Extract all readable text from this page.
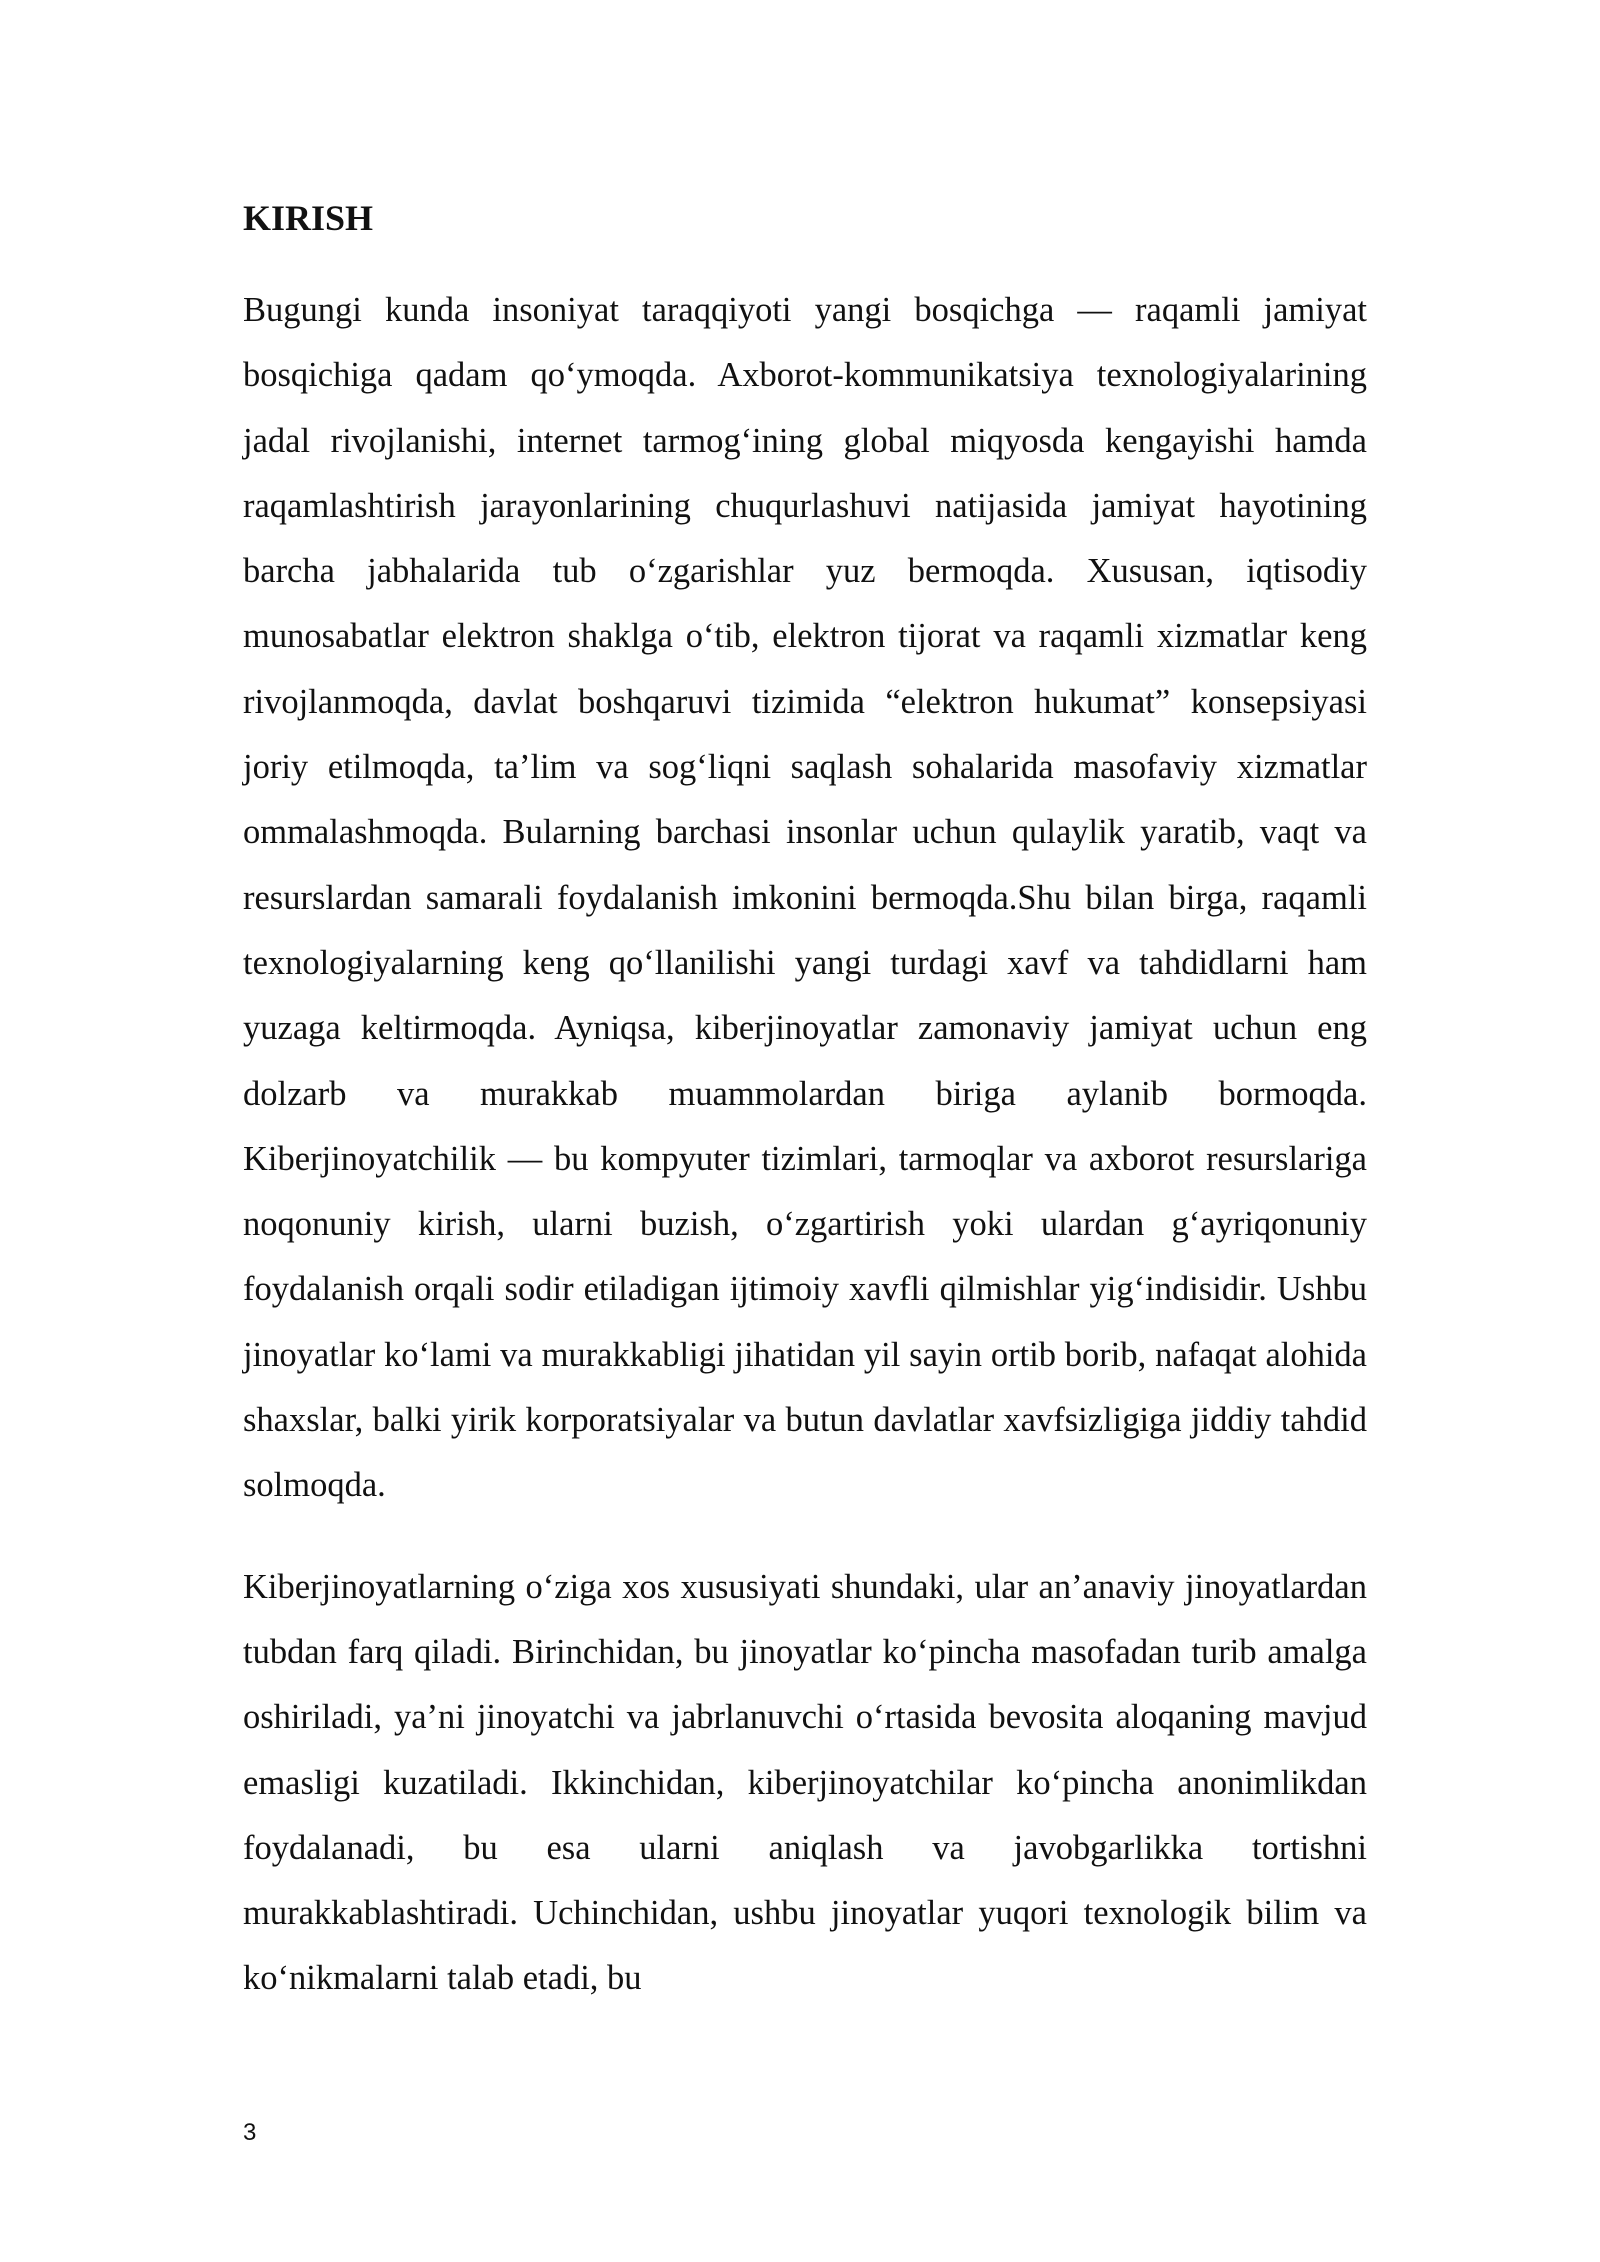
KIRISH

Bugungi kunda insoniyat taraqqiyoti yangi bosqichga — raqamli jamiyat bosqichiga qadam qo‘ymoqda. Axborot-kommunikatsiya texnologiyalarining jadal rivojlanishi, internet tarmog‘ining global miqyosda kengayishi hamda raqamlashtirish jarayonlarining chuqurlashuvi natijasida jamiyat hayotining barcha jabhalarida tub o‘zgarishlar yuz bermoqda. Xususan, iqtisodiy munosabatlar elektron shaklga o‘tib, elektron tijorat va raqamli xizmatlar keng rivojlanmoqda, davlat boshqaruvi tizimida “elektron hukumat” konsepsiyasi joriy etilmoqda, ta’lim va sog‘liqni saqlash sohalarida masofaviy xizmatlar ommalashmoqda. Bularning barchasi insonlar uchun qulaylik yaratib, vaqt va resurslardan samarali foydalanish imkonini bermoqda.Shu bilan birga, raqamli texnologiyalarning keng qo‘llanilishi yangi turdagi xavf va tahdidlarni ham yuzaga keltirmoqda. Ayniqsa, kiberjinoyatlar zamonaviy jamiyat uchun eng dolzarb va murakkab muammolardan biriga aylanib bormoqda. Kiberjinoyatchilik — bu kompyuter tizimlari, tarmoqlar va axborot resurslariga noqonuniy kirish, ularni buzish, o‘zgartirish yoki ulardan g‘ayriqonuniy foydalanish orqali sodir etiladigan ijtimoiy xavfli qilmishlar yig‘indisidir. Ushbu jinoyatlar ko‘lami va murakkabligi jihatidan yil sayin ortib borib, nafaqat alohida shaxslar, balki yirik korporatsiyalar va butun davlatlar xavfsizligiga jiddiy tahdid solmoqda.

Kiberjinoyatlarning o‘ziga xos xususiyati shundaki, ular an’anaviy jinoyatlardan tubdan farq qiladi. Birinchidan, bu jinoyatlar ko‘pincha masofadan turib amalga oshiriladi, ya’ni jinoyatchi va jabrlanuvchi o‘rtasida bevosita aloqaning mavjud emasligi kuzatiladi. Ikkinchidan, kiberjinoyatchilar ko‘pincha anonimlikdan foydalanadi, bu esa ularni aniqlash va javobgarlikka tortishni murakkablashtiradi. Uchinchidan, ushbu jinoyatlar yuqori texnologik bilim va ko‘nikmalarni talab etadi, bu

3
